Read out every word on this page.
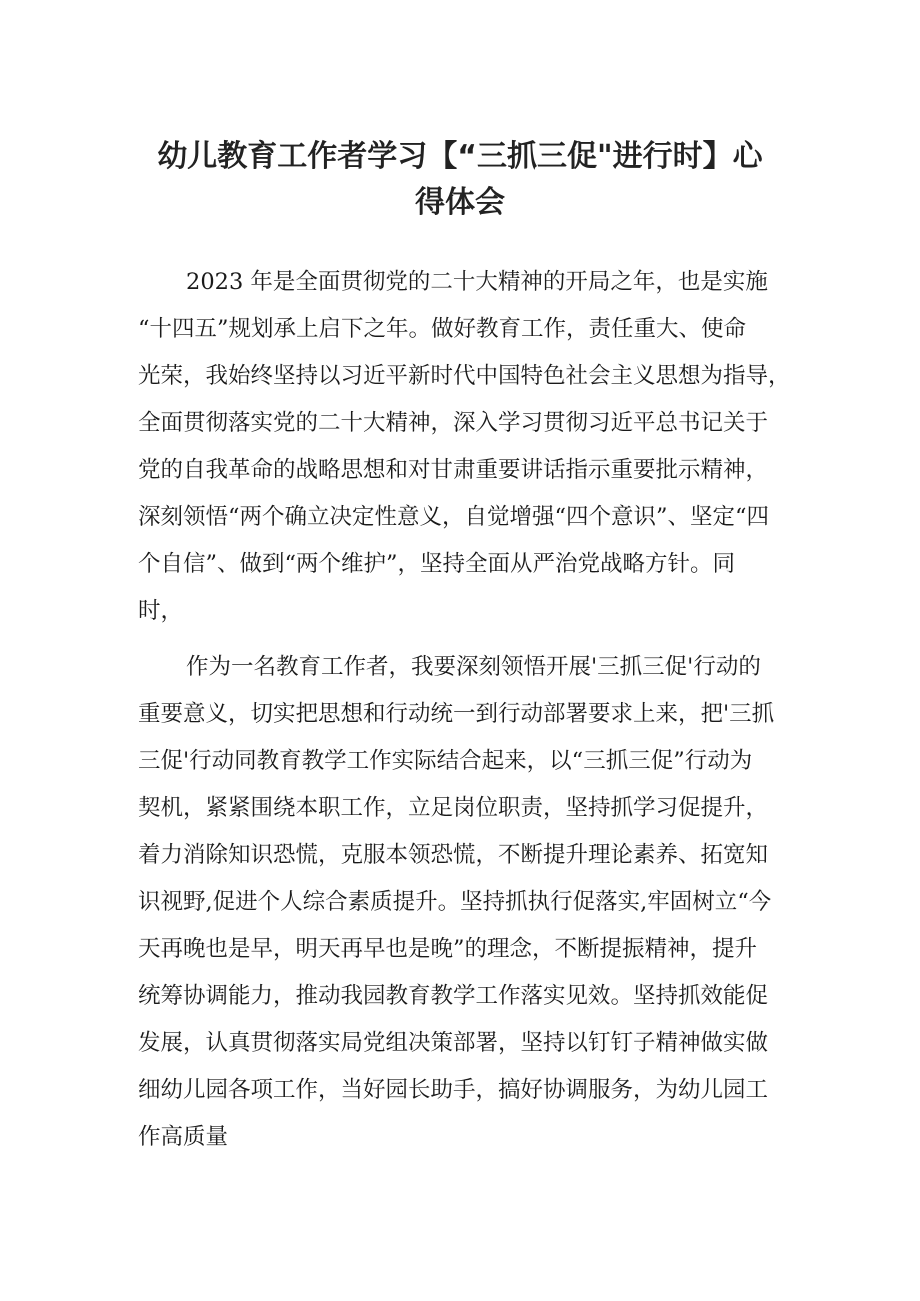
幼儿教育工作者学习【“三抓三促"进行时】心
得体会
2023 年是全面贯彻党的二十大精神的开局之年，也是实施
“十四五”规划承上启下之年。做好教育工作，责任重大、使命
光荣，我始终坚持以习近平新时代中国特色社会主义思想为指导，
全面贯彻落实党的二十大精神，深入学习贯彻习近平总书记关于
党的自我革命的战略思想和对甘肃重要讲话指示重要批示精神，
深刻领悟“两个确立决定性意义，自觉增强“四个意识”、坚定“四
个自信”、做到“两个维护”，坚持全面从严治党战略方针。同
时，
作为一名教育工作者，我要深刻领悟开展'三抓三促'行动的
重要意义，切实把思想和行动统一到行动部署要求上来，把'三抓
三促'行动同教育教学工作实际结合起来，以“三抓三促”行动为
契机，紧紧围绕本职工作，立足岗位职责，坚持抓学习促提升，
着力消除知识恐慌，克服本领恐慌，不断提升理论素养、拓宽知
识视野,促进个人综合素质提升。坚持抓执行促落实,牢固树立“今
天再晚也是早，明天再早也是晚”的理念，不断提振精神，提升
统筹协调能力，推动我园教育教学工作落实见效。坚持抓效能促
发展，认真贯彻落实局党组决策部署，坚持以钉钉子精神做实做
细幼儿园各项工作，当好园长助手，搞好协调服务，为幼儿园工
作高质量
